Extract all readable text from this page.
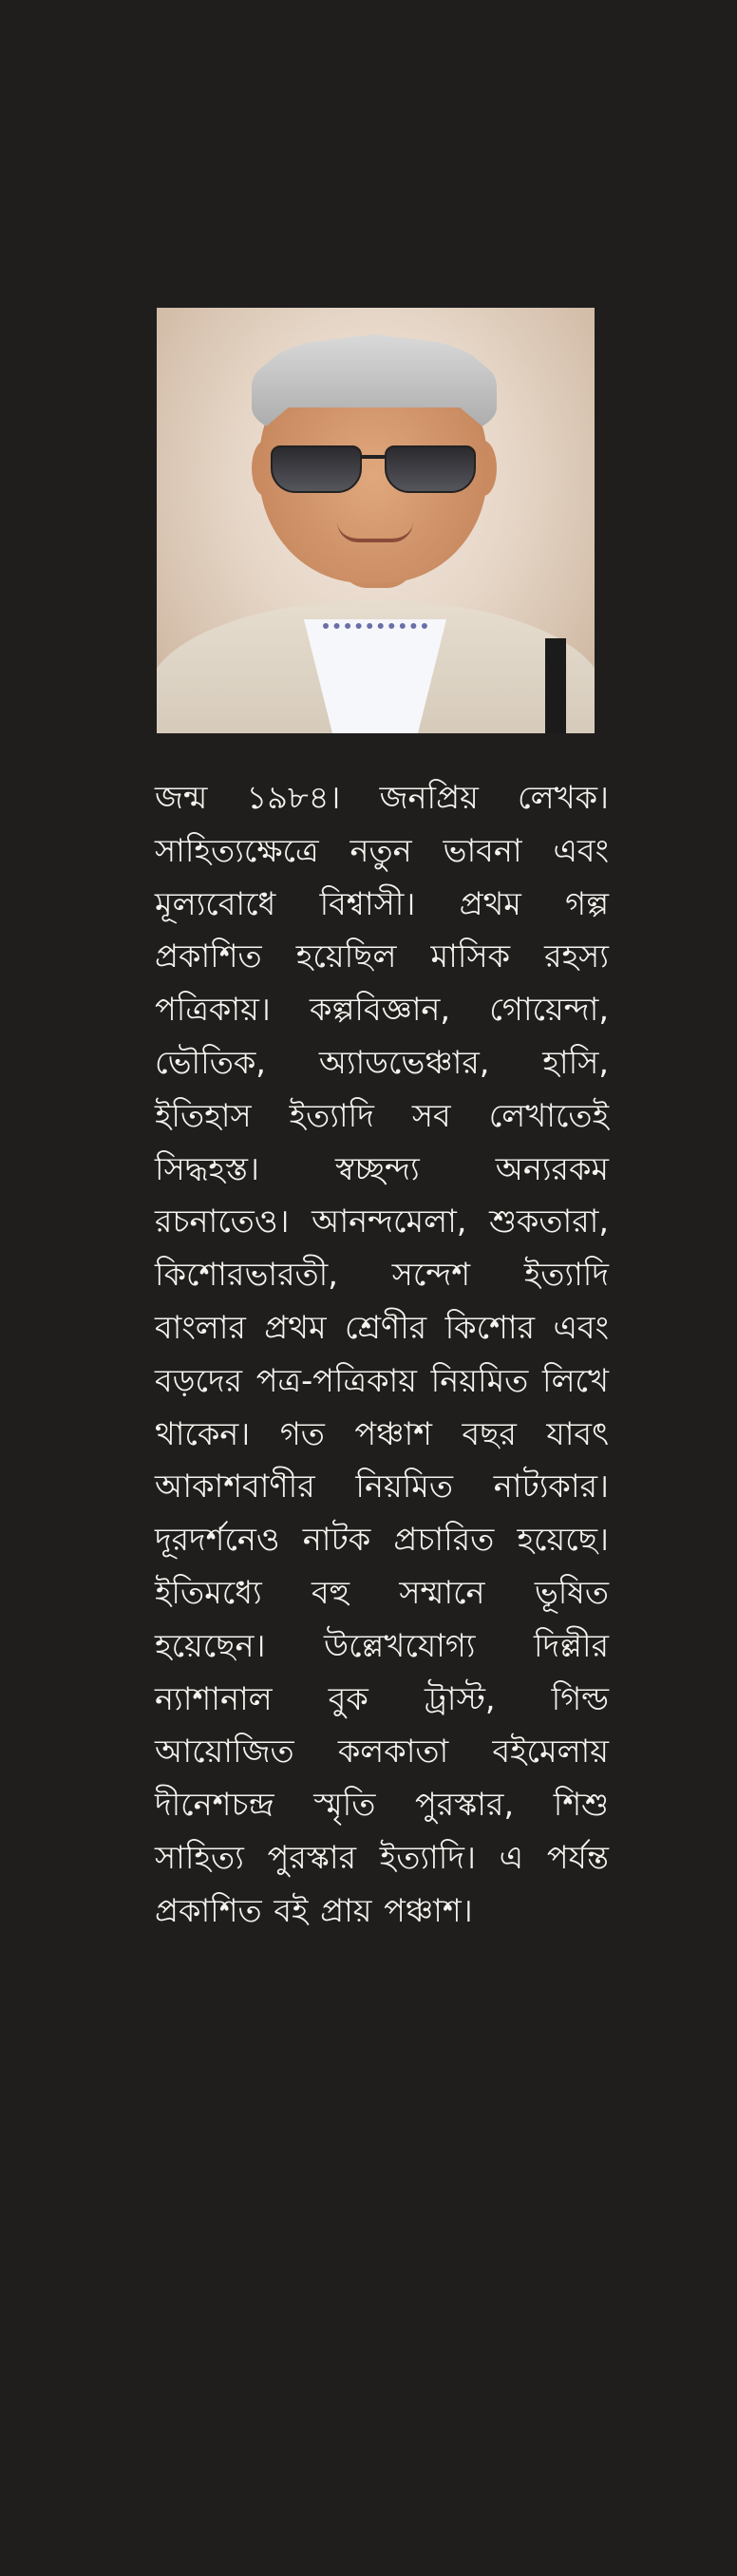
জন্ম ১৯৮৪। জনপ্রিয় লেখক। সাহিত্যক্ষেত্রে নতুন ভাবনা এবং মূল্যবোধে বিশ্বাসী। প্রথম গল্প প্রকাশিত হয়েছিল মাসিক রহস্য পত্রিকায়। কল্পবিজ্ঞান, গোয়েন্দা, ভৌতিক, অ্যাডভেঞ্চার, হাসি, ইতিহাস ইত্যাদি সব লেখাতেই সিদ্ধহস্ত। স্বচ্ছন্দ্য অন্যরকম রচনাতেও। আনন্দমেলা, শুকতারা, কিশোরভারতী, সন্দেশ ইত্যাদি বাংলার প্রথম শ্রেণীর কিশোর এবং বড়দের পত্র-পত্রিকায় নিয়মিত লিখে থাকেন। গত পঞ্চাশ বছর যাবৎ আকাশবাণীর নিয়মিত নাট্যকার। দূরদর্শনেও নাটক প্রচারিত হয়েছে। ইতিমধ্যে বহু সম্মানে ভূষিত হয়েছেন। উল্লেখযোগ্য দিল্লীর ন্যাশানাল বুক ট্রাস্ট, গিল্ড আয়োজিত কলকাতা বইমেলায় দীনেশচন্দ্র স্মৃতি পুরস্কার, শিশু সাহিত্য পুরস্কার ইত্যাদি। এ পর্যন্ত প্রকাশিত বই প্রায় পঞ্চাশ।
